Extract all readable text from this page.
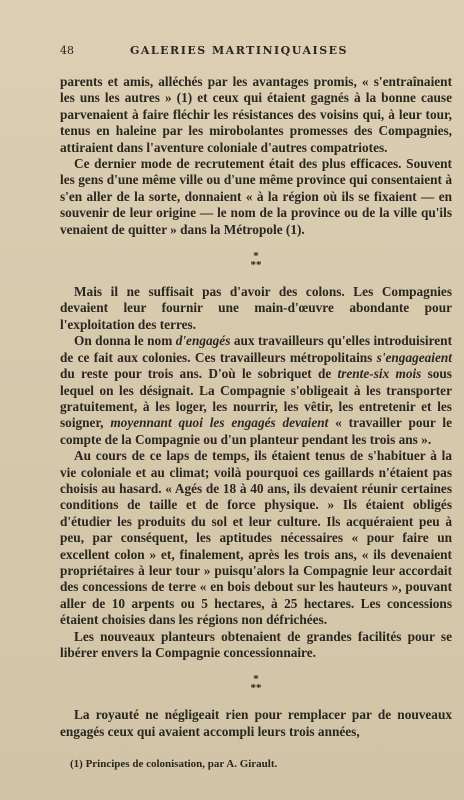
48	GALERIES MARTINIQUAISES

parents et amis, alléchés par les avantages promis, « s'entraînaient les uns les autres » (1) et ceux qui étaient gagnés à la bonne cause parvenaient à faire fléchir les résistances des voisins qui, à leur tour, tenus en haleine par les mirobolantes promesses des Compagnies, attiraient dans l'aventure coloniale d'autres compatriotes.

Ce dernier mode de recrutement était des plus efficaces. Souvent les gens d'une même ville ou d'une même province qui consentaient à s'en aller de la sorte, donnaient « à la région où ils se fixaient — en souvenir de leur origine — le nom de la province ou de la ville qu'ils venaient de quitter » dans la Métropole (1).

*
**

Mais il ne suffisait pas d'avoir des colons. Les Compagnies devaient leur fournir une main-d'œuvre abondante pour l'exploitation des terres.

On donna le nom d'engagés aux travailleurs qu'elles introduisirent de ce fait aux colonies. Ces travailleurs métropolitains s'engageaient du reste pour trois ans. D'où le sobriquet de trente-six mois sous lequel on les désignait. La Compagnie s'obligeait à les transporter gratuitement, à les loger, les nourrir, les vêtir, les entretenir et les soigner, moyennant quoi les engagés devaient « travailler pour le compte de la Compagnie ou d'un planteur pendant les trois ans ».

Au cours de ce laps de temps, ils étaient tenus de s'habituer à la vie coloniale et au climat; voilà pourquoi ces gaillards n'étaient pas choisis au hasard. « Agés de 18 à 40 ans, ils devaient réunir certaines conditions de taille et de force physique. » Ils étaient obligés d'étudier les produits du sol et leur culture. Ils acquéraient peu à peu, par conséquent, les aptitudes nécessaires « pour faire un excellent colon » et, finalement, après les trois ans, « ils devenaient propriétaires à leur tour » puisqu'alors la Compagnie leur accordait des concessions de terre « en bois debout sur les hauteurs », pouvant aller de 10 arpents ou 5 hectares, à 25 hectares. Les concessions étaient choisies dans les régions non défrichées.

Les nouveaux planteurs obtenaient de grandes facilités pour se libérer envers la Compagnie concessionnaire.

*
**

La royauté ne négligeait rien pour remplacer par de nouveaux engagés ceux qui avaient accompli leurs trois années,

(1) Principes de colonisation, par A. Girault.
